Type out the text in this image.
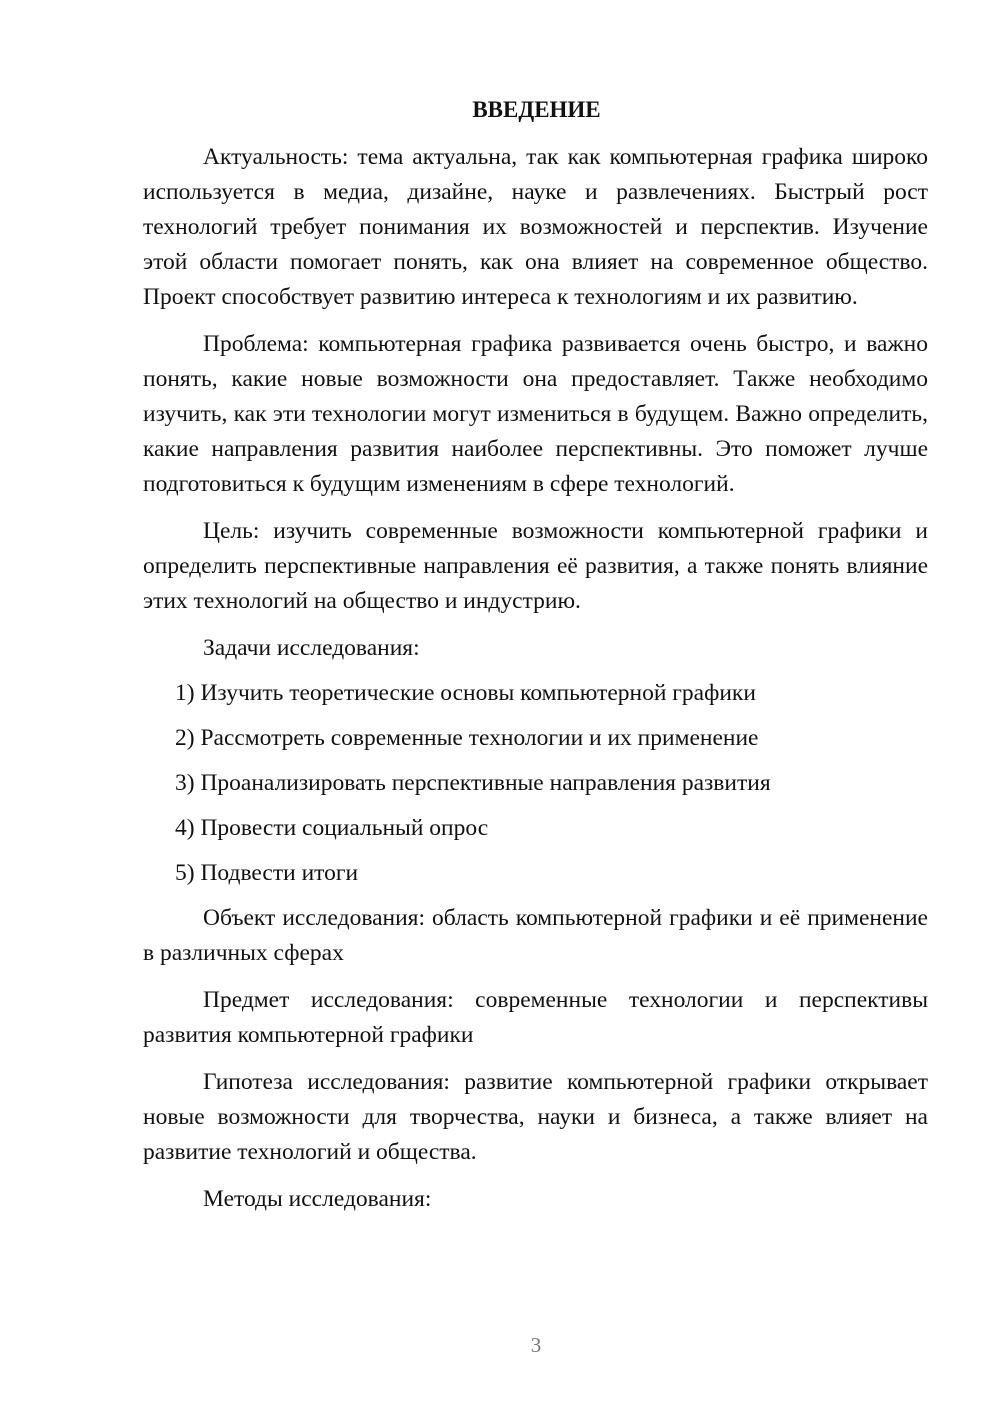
ВВЕДЕНИЕ

Актуальность: тема актуальна, так как компьютерная графика широко используется в медиа, дизайне, науке и развлечениях. Быстрый рост технологий требует понимания их возможностей и перспектив. Изучение этой области помогает понять, как она влияет на современное общество. Проект способствует развитию интереса к технологиям и их развитию.

Проблема: компьютерная графика развивается очень быстро, и важно понять, какие новые возможности она предоставляет. Также необходимо изучить, как эти технологии могут измениться в будущем. Важно определить, какие направления развития наиболее перспективны. Это поможет лучше подготовиться к будущим изменениям в сфере технологий.

Цель: изучить современные возможности компьютерной графики и определить перспективные направления её развития, а также понять влияние этих технологий на общество и индустрию.

Задачи исследования:

1) Изучить теоретические основы компьютерной графики
2) Рассмотреть современные технологии и их применение
3) Проанализировать перспективные направления развития
4) Провести социальный опрос
5) Подвести итоги

Объект исследования: область компьютерной графики и её применение в различных сферах

Предмет исследования: современные технологии и перспективы развития компьютерной графики

Гипотеза исследования: развитие компьютерной графики открывает новые возможности для творчества, науки и бизнеса, а также влияет на развитие технологий и общества.

Методы исследования:

3
